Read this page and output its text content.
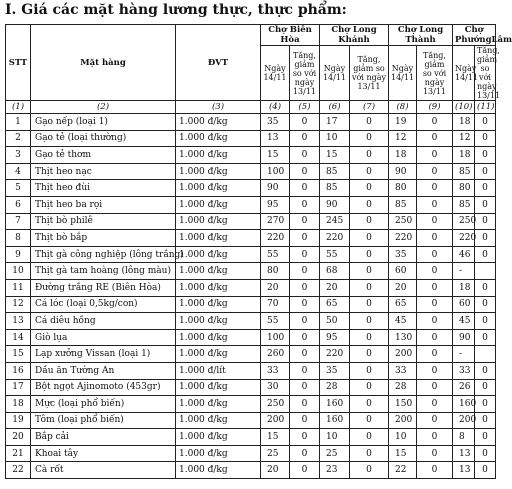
I. Giá các mặt hàng lương thực, thực phẩm:
STT	Mặt hàng	ĐVT	Chợ Biên Hòa		Chợ Long Khánh		Chợ Long Thành		Chợ PhướngLâm	
			Ngày 14/11	Tăng, giảm so với ngày 13/11	Ngày 14/11	Tăng, giảm so với ngày 13/11	Ngày 14/11	Tăng, giảm so với ngày 13/11	Ngày 14/11	Tăng, giảm so với ngày 13/11
(1)	(2)	(3)	(4)	(5)	(6)	(7)	(8)	(9)	(10)	(11)
1	Gạo nếp (loại 1)	1.000 đ/kg	35	0	17	0	19	0	18	0
2	Gạo tẻ (loại thường)	1.000 đ/kg	13	0	10	0	12	0	12	0
3	Gạo tẻ thơm	1.000 đ/kg	15	0	15	0	18	0	18	0
4	Thịt heo nạc	1.000 đ/kg	100	0	85	0	90	0	85	0
5	Thịt heo đùi	1.000 đ/kg	90	0	85	0	80	0	80	0
6	Thịt heo ba rọi	1.000 đ/kg	95	0	90	0	85	0	85	0
7	Thịt bò philê	1.000 đ/kg	270	0	245	0	250	0	250	0
8	Thịt bò bắp	1.000 đ/kg	220	0	220	0	220	0	220	0
9	Thịt gà công nghiệp (lông trắng)	1.000 đ/kg	55	0	55	0	35	0	46	0
10	Thịt gà tam hoàng (lông màu)	1.000 đ/kg	80	0	68	0	60	0	-	
11	Đường trắng RE (Biên Hòa)	1.000 đ/kg	20	0	20	0	20	0	18	0
12	Cá lóc (loại 0,5kg/con)	1.000 đ/kg	70	0	65	0	65	0	60	0
13	Cá diêu hồng	1.000 đ/kg	55	0	50	0	45	0	45	0
14	Giò lụa	1.000 đ/kg	100	0	95	0	130	0	90	0
15	Lạp xưởng Vissan (loại 1)	1.000 đ/kg	260	0	220	0	200	0	-	
16	Dầu ăn Tường An	1.000 đ/lít	33	0	35	0	33	0	33	0
17	Bột ngọt Ajinomoto (453gr)	1.000 đ/kg	30	0	28	0	28	0	26	0
18	Mực (loại phổ biến)	1.000 đ/kg	250	0	160	0	150	0	160	0
19	Tôm (loại phổ biến)	1.000 đ/kg	200	0	160	0	200	0	200	0
20	Bắp cải	1.000 đ/kg	15	0	10	0	10	0	8	0
21	Khoai tây	1.000 đ/kg	25	0	25	0	15	0	13	0
22	Cà rốt	1.000 đ/kg	20	0	23	0	22	0	13	0
